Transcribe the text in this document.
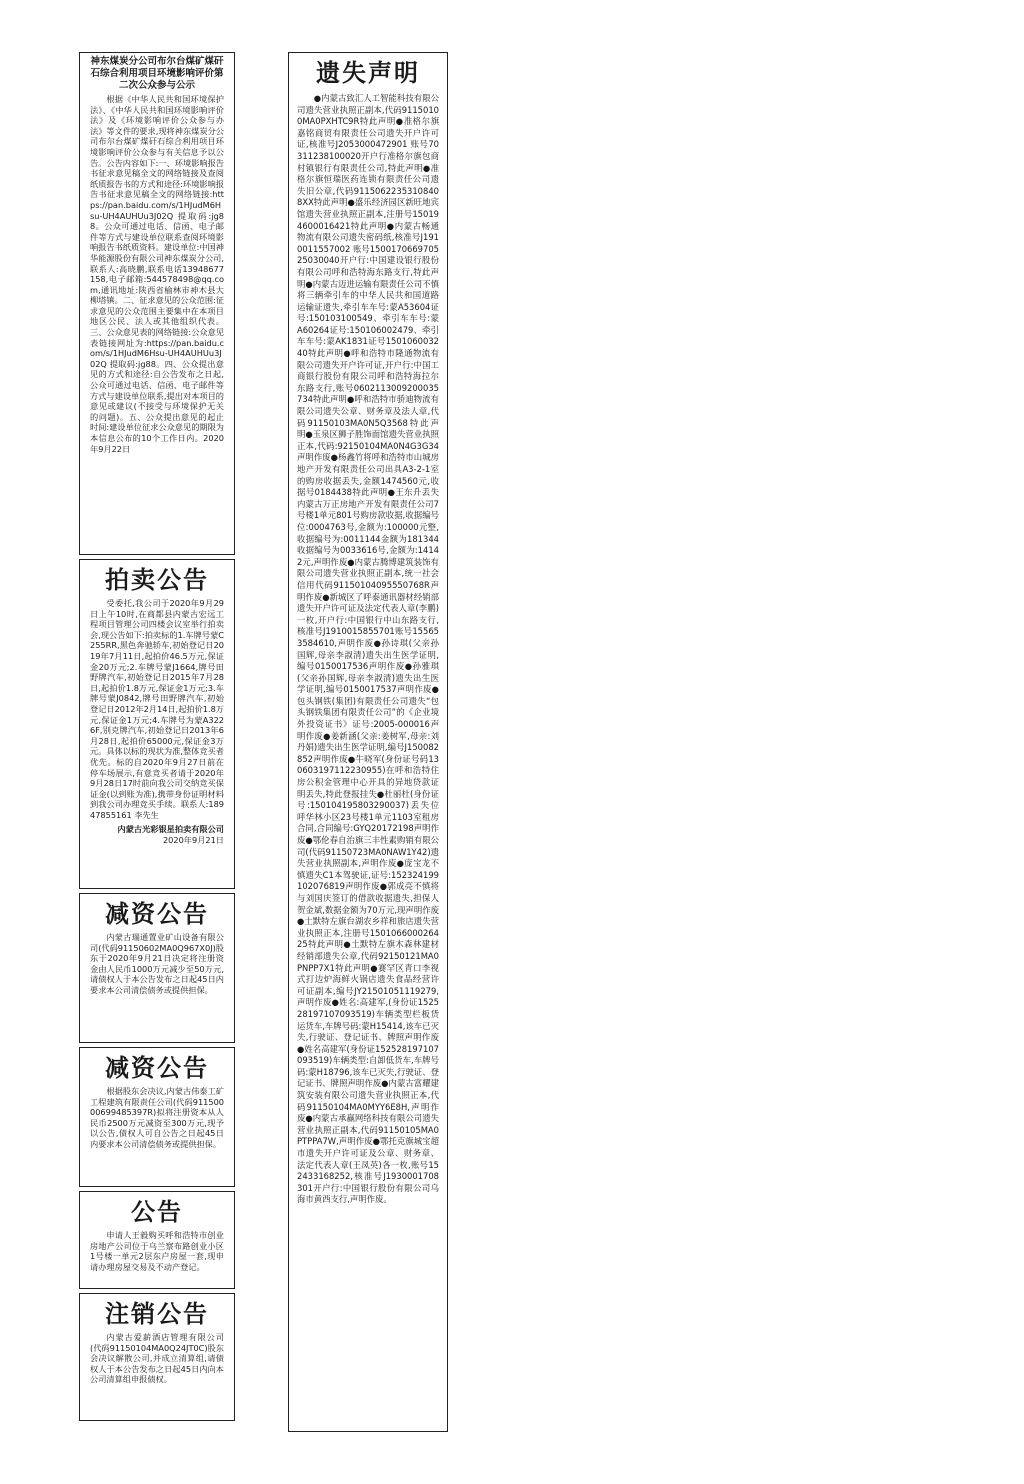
神东煤炭分公司布尔台煤矿煤矸石综合利用项目环境影响评价第二次公众参与公示
根据《中华人民共和国环境保护法》、《中华人民共和国环境影响评价法》及《环境影响评价公众参与办法》等文件的要求,现将神东煤炭分公司布尔台煤矿煤矸石综合利用项目环境影响评价公众参与有关信息予以公告。公告内容如下:一、环境影响报告书征求意见稿全文的网络链接及查阅纸质报告书的方式和途径:环境影响报告书征求意见稿全文的网络链接:https://pan.baidu.com/s/1HJudM6Hsu-UH4AUHUu3J02Q 提取码:jg88。公众可通过电话、信函、电子邮件等方式与建设单位联系查阅环境影响报告书纸质资料。建设单位:中国神华能源股份有限公司神东煤炭分公司,联系人:高晓鹏,联系电话13948677158,电子邮箱:544578498@qq.com,通讯地址:陕西省榆林市神木县大柳塔镇。二、征求意见的公众范围:征求意见的公众范围主要集中在本项目地区公民、法人或其他组织代表。三、公众意见表的网络链接:公众意见表链接网址为:https://pan.baidu.com/s/1HJudM6Hsu-UH4AUHUu3J02Q 提取码:jg88。四、公众提出意见的方式和途径:自公告发布之日起,公众可通过电话、信函、电子邮件等方式与建设单位联系,提出对本项目的意见或建议(不接受与环境保护无关的问题)。五、公众提出意见的起止时间:建设单位征求公众意见的期限为本信息公布的10个工作日内。2020年9月22日
拍卖公告
受委托,我公司于2020年9月29日上午10时,在商都县内蒙古宏远工程项目管理公司四楼会议室举行拍卖会,现公告如下:拍卖标的1.车牌号蒙C255RR,黑色奔驰轿车,初始登记日2019年7月11日,起拍价46.5万元,保证金20万元;2.车牌号蒙J1664,牌号田野牌汽车,初始登记日2015年7月28日,起拍价1.8万元,保证金1万元;3.车牌号蒙J0842,牌号田野牌汽车,初始登记日2012年2月14日,起拍价1.8万元,保证金1万元;4.车牌号为蒙A3226F,别克牌汽车,初始登记日2013年6月28日,起拍价65000元,保证金3万元。具体以标的现状为准,整体竞买者优先。标的自2020年9月27日前在停车场展示,有意竞买者请于2020年9月28日17时前向我公司交纳竞买保证金(以到账为准),携带身份证明材料到我公司办理竞买手续。联系人:18947855161 李先生
内蒙古光彩银星拍卖有限公司
2020年9月21日
减资公告
内蒙古瑞通置业矿山设备有限公司(代码91150602MA0Q967X0J)股东于2020年9月21日决定将注册资金由人民币1000万元减少至50万元,请债权人于本公告发布之日起45日内要求本公司清偿债务或提供担保。
减资公告
根据股东会决议,内蒙古伟泰工矿工程建筑有限责任公司(代码91150000699485397R)拟将注册资本从人民币2500万元减资至300万元,现予以公告,债权人可自公告之日起45日内要求本公司清偿债务或提供担保。
公告
申请人王毅购买呼和浩特市创业房地产公司位于乌兰察布路创业小区1号楼一单元2层东户房屋一套,现申请办理房屋交易及不动产登记。
注销公告
内蒙古爱薪酒店管理有限公司(代码91150104MA0Q24JT0C)股东会决议解散公司,并成立清算组,请债权人于本公告发布之日起45日内向本公司清算组申报债权。
遗失声明
●内蒙古致汇人工智能科技有限公司遗失营业执照正副本,代码91150100MA0PXHTC9R特此声明●准格尔旗嘉铭商贸有限责任公司遗失开户许可证,核准号J2053000472901 账号70311238100020开户行准格尔旗包商村镇银行有限责任公司,特此声明●准格尔旗恒瑞医药连锁有限责任公司遗失旧公章,代码91150622353108408XX特此声明●盛乐经济园区新旺地宾馆遗失营业执照正副本,注册号150194600016421特此声明●内蒙古畅通物流有限公司遗失密码纸,核准号J1910011557002 账号150017066970525030040开户行:中国建设银行股份有限公司呼和浩特海东路支行,特此声明●内蒙古迈进运输有限责任公司不慎将三辆牵引车的中华人民共和国道路运输证遗失,牵引车车号:蒙A53604证号:150103100549、牵引车车号:蒙A60264证号:150106002479、牵引车车号:蒙AK1831证号150106003240特此声明●呼和浩特市隆通物流有限公司遗失开户许可证,开户行:中国工商银行股份有限公司呼和浩特海拉尔东路支行,账号0602113009200035734特此声明●呼和浩特市骄迪物流有限公司遗失公章、财务章及法人章,代码91150103MA0N5Q3568特此声明●玉泉区狮子胜饰面馆遗失营业执照正本,代码:92150104MA0N4G3G34声明作废●杨鑫竹将呼和浩特市山城房地产开发有限责任公司出具A3-2-1室的购房收据丢失,金额1474560元,收据号0184438特此声明●王东升丢失内蒙古万正房地产开发有限责任公司7号楼1单元801号购房款收据,收据编号位:0004763号,金额为:100000元整,收据编号为:0011144金额为181344收据编号为0033616号,金额为:14142元,声明作废●内蒙古腾博建筑装饰有限公司遗失营业执照正副本,统一社会信用代码91150104095550768R声明作废●新城区了呼泰通讯器材经销部遗失开户许可证及法定代表人章(李鹏)一枚,开户行:中国银行中山东路支行,核准号J1910015855701账号155653584610,声明作废●孙诗琪(父亲孙国辉,母亲李淑清)遗失出生医学证明,编号0150017536声明作废●孙雅琪(父亲孙国辉,母亲李淑清)遗失出生医学证明,编号0150017537声明作废●包头钢铁(集团)有限责任公司遗失“包头钢铁集团有限责任公司”的《企业境外投资证书》证号:2005-000016声明作废●姜新涵(父亲:姜树军,母亲:刘丹娟)遗失出生医学证明,编号J150082852声明作废●牛晓军(身份证号码130603197112230955)在呼和浩特住房公积金管理中心开具的异地贷款证明丢失,特此登报挂失●杜丽杜(身份证号:150104195803290037)丢失位呼华林小区23号楼1单元1103室租房合同,合同编号:GYQ20172198声明作废●鄂伦春自治旗三丰性素购销有限公司(代码91150723MA0NAW1Y42)遗失营业执照副本,声明作废●庞宝龙不慎遗失C1本驾驶证,证号:152324199102076819声明作废●郭成亮不慎将与刘国庆签订的借款收据遗失,担保人贺金斌,数据金额为70万元,现声明作废●土默特左旗台湖农乡祥和旅店遗失营业执照正本,注册号150106600026425特此声明●土默特左旗木森林建材经销部遗失公章,代码92150121MA0PNPP7X1特此声明●赛罕区青口李视式打边炉海鲜火锅店遗失食品经营许可证副本,编号JY21501051119279,声明作废●姓名:高建军,(身份证152528197107093519)车辆类型栏板货运货车,车牌号码:蒙H15414,该车已灭失,行驶证、登记证书、牌照声明作废●姓名高建军(身份证152528197107093519)车辆类型:自卸低货车,车牌号码:蒙H18796,该车已灭失,行驶证、登记证书、牌照声明作废●内蒙古富耀建筑安装有限公司遗失营业执照正本,代码91150104MA0MYY6E8H,声明作废●内蒙古承赢网络科技有限公司遗失营业执照正副本,代码91150105MA0PTPPA7W,声明作废●鄂托克旗城宝超市遗失开户许可证及公章、财务章、法定代表人章(王凤英)各一枚,账号152433168252,核准号J1930001708301开户行:中国银行股份有限公司乌海市黄西支行,声明作废。
